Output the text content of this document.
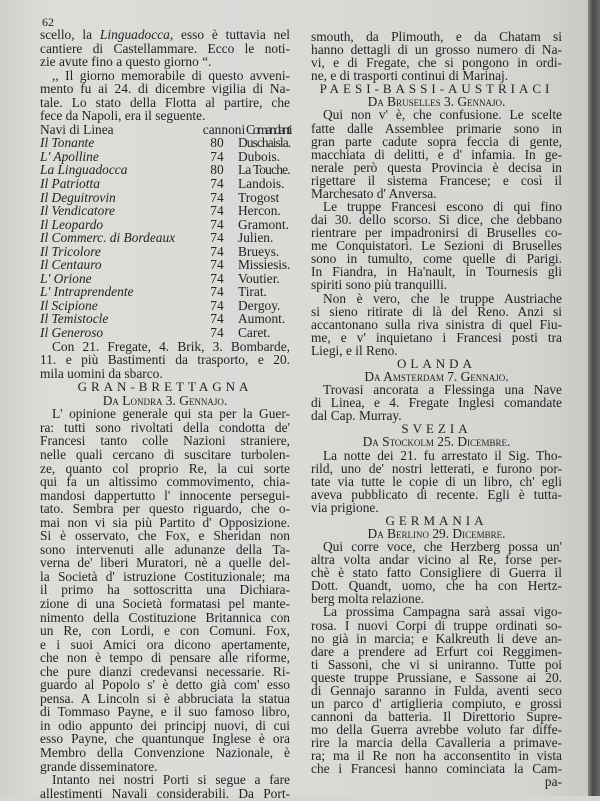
62
scello, la Linguadocca, esso è tuttavia nel
cantiere di Castellammare. Ecco le noti-
zie avute fino a questo giorno “.
,, Il giorno memorabile di questo avveni-
mento fu ai 24. di dicembre vigilia di Na-
tale. Lo stato della Flotta al partire, che
fece da Napoli, era il seguente.
Navi di Linea	cannoni Comandanti
Il Tonante	80	Duschaisla.
L' Apolline	74	Dubois.
La Linguadocca	80	La Touche.
Il Patriotta	74	Landois.
Il Deguitrovin	74	Trogost
Il Vendicatore	74	Hercon.
Il Leopardo	74	Gramont.
Il Commerc. di Bordeaux	74	Julien.
Il Tricolore	74	Brueys.
Il Centauro	74	Missiesis.
L' Orione	74	Voutier.
L' Intraprendente	74	Tirat.
Il Scipione	74	Dergoy.
Il Temistocle	74	Aumont.
Il Generoso	74	Caret.
Con 21. Fregate, 4. Brik, 3. Bombarde,
11. e più Bastimenti da trasporto, e 20.
mila uomini da sbarco.
GRAN-BRETTAGNA
Da Londra 3. Gennajo.
L' opinione generale qui sta per la Guer-
ra: tutti sono rivoltati della condotta de'
Francesi tanto colle Nazioni straniere,
nelle quali cercano di suscitare turbolen-
ze, quanto col proprio Re, la cui sorte
qui fa un altissimo commovimento, chia-
mandosi dappertutto l' innocente persegui-
tato. Sembra per questo riguardo, che o-
mai non vi sia più Partito d' Opposizione.
Si è osservato, che Fox, e Sheridan non
sono intervenuti alle adunanze della Ta-
verna de' liberi Muratori, nè a quelle del-
la Società d' istruzione Costituzionale; ma
il primo ha sottoscritta una Dichiara-
zione di una Società formatasi pel mante-
nimento della Costituzione Britannica con
un Re, con Lordi, e con Comuni. Fox,
e i suoi Amici ora dicono apertamente,
che non è tempo di pensare alle riforme,
che pure dianzi credevansi necessarie. Ri-
guardo al Popolo s' è detto già com' esso
pensa. A Lincoln si è abbruciata la statua
di Tommaso Payne, e il suo famoso libro,
in odio appunto dei principj nuovi, di cui
esso Payne, che quantunque Inglese è ora
Membro della Convenzione Nazionale, è
grande disseminatore.
Intanto nei nostri Porti si segue a fare
allestimenti Navali considerabili. Da Port-
smouth, da Plimouth, e da Chatam si
hanno dettagli di un grosso numero di Na-
vi, e di Fregate, che si pongono in ordi-
ne, e di trasporti continui di Marinaj.
PAESI-BASSI-AUSTRIACI
Da Bruselles 3. Gennajo.
Qui non v' è, che confusione. Le scelte
fatte dalle Assemblee primarie sono in
gran parte cadute sopra feccia di gente,
macchiata di delitti, e d' infamia. In ge-
nerale però questa Provincia è decisa in
rigettare il sistema Francese; e così il
Marchesato d' Anversa.
Le truppe Francesi escono di qui fino
dai 30. dello scorso. Si dice, che debbano
rientrare per impadronirsi di Bruselles co-
me Conquistatori. Le Sezioni di Bruselles
sono in tumulto, come quelle di Parigi.
In Fiandra, in Ha'nault, in Tournesis gli
spiriti sono più tranquilli.
Non è vero, che le truppe Austriache
si sieno ritirate di là del Reno. Anzi si
accantonano sulla riva sinistra di quel Fiu-
me, e v' inquietano i Francesi posti tra
Liegi, e il Reno.
OLANDA
Da Amsterdam 7. Gennajo.
Trovasi ancorata a Flessinga una Nave
di Linea, e 4. Fregate Inglesi comandate
dal Cap. Murray.
SVEZIA
Da Stockolm 25. Dicembre.
La notte dei 21. fu arrestato il Sig. Tho-
rild, uno de' nostri letterati, e furono por-
tate via tutte le copie di un libro, ch' egli
aveva pubblicato di recente. Egli è tutta-
via prigione.
GERMANIA
Da Berlino 29. Dicembre.
Qui corre voce, che Herzberg possa un'
altra volta andar vicino al Re, forse per-
chè è stato fatto Consigliere di Guerra il
Dott. Quandt, uomo, che ha con Hertz-
berg molta relazione.
La prossima Campagna sarà assai vigo-
rosa. I nuovi Corpi di truppe ordinati so-
no già in marcia; e Kalkreuth li deve an-
dare a prendere ad Erfurt coi Reggimen-
ti Sassoni, che vi si uniranno. Tutte poi
queste truppe Prussiane, e Sassone ai 20.
di Gennajo saranno in Fulda, aventi seco
un parco d' artiglieria compiuto, e grossi
cannoni da batteria. Il Direttorio Supre-
mo della Guerra avrebbe voluto far diffe-
rire la marcia della Cavalleria a primave-
ra; ma il Re non ha acconsentito in vista
che i Francesi hanno cominciata la Cam-
pa-
